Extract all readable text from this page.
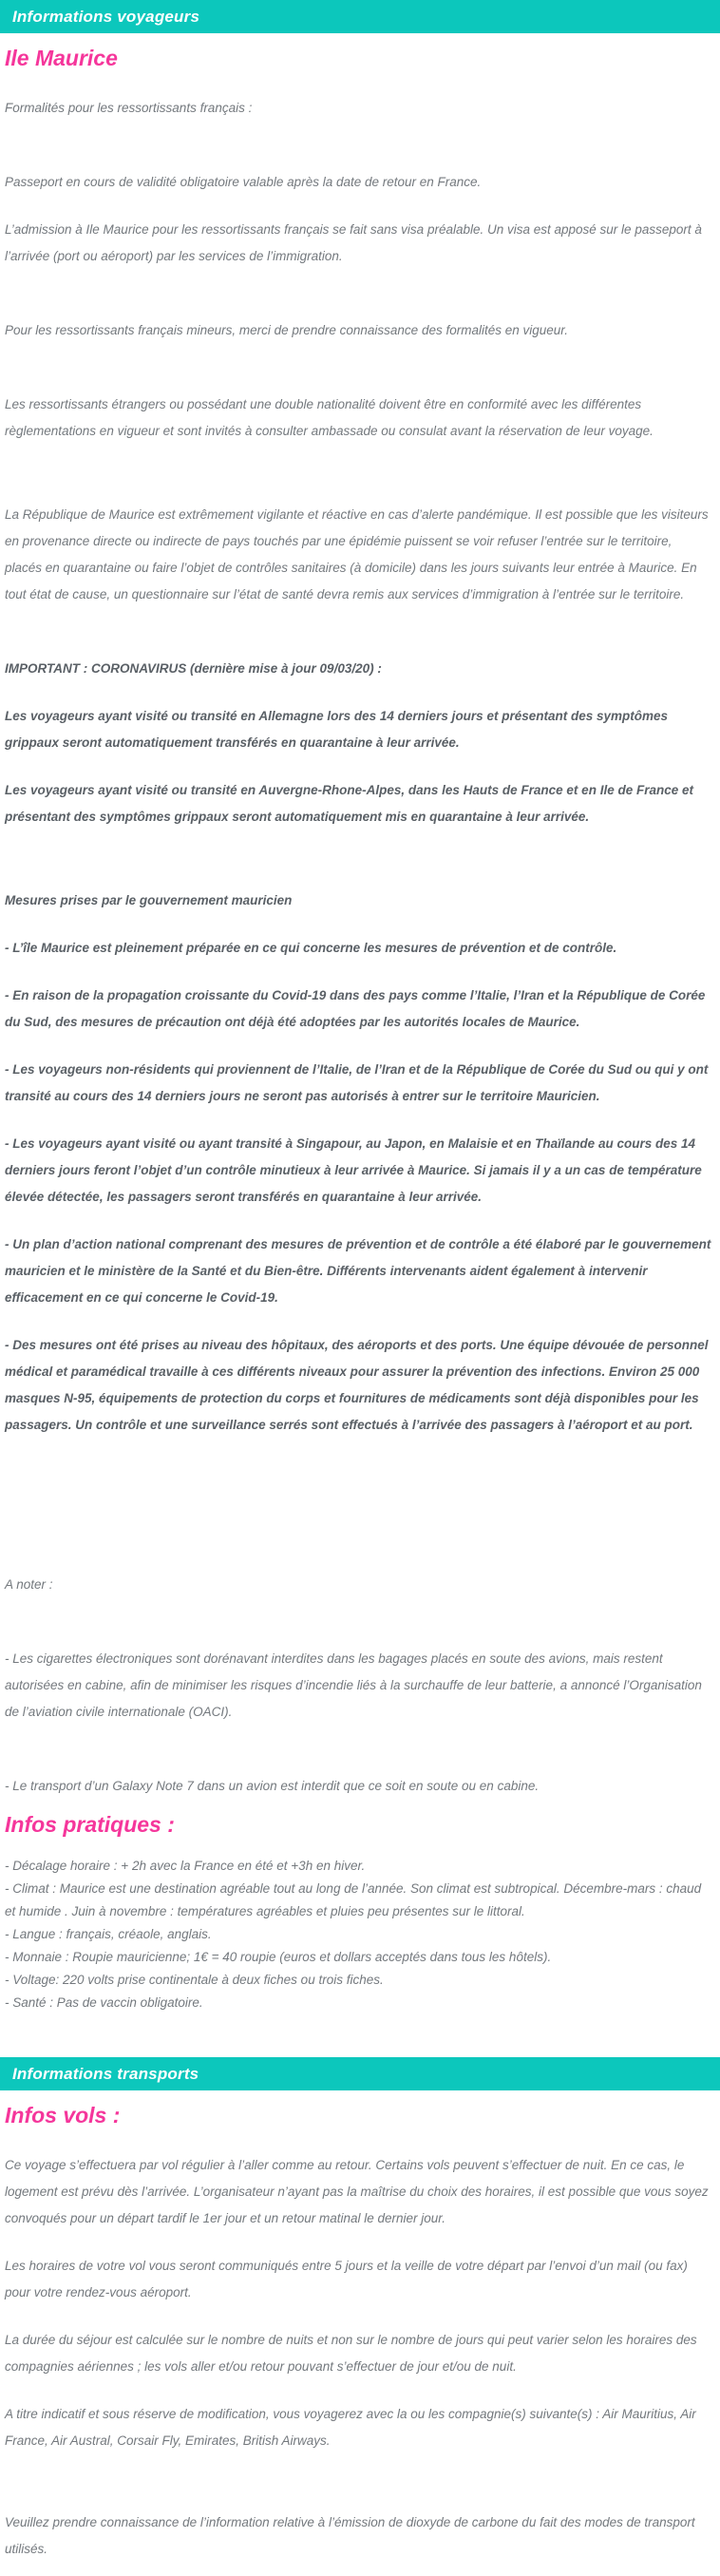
Informations voyageurs
Ile Maurice

Formalités pour les ressortissants français :

Passeport en cours de validité obligatoire valable après la date de retour en France.

L’admission à Ile Maurice pour les ressortissants français se fait sans visa préalable. Un visa est apposé sur le passeport à l’arrivée (port ou aéroport) par les services de l’immigration.

Pour les ressortissants français mineurs, merci de prendre connaissance des formalités en vigueur.

Les ressortissants étrangers ou possédant une double nationalité doivent être en conformité avec les différentes règlementations en vigueur et sont invités à consulter ambassade ou consulat avant la réservation de leur voyage.

La République de Maurice est extrêmement vigilante et réactive en cas d’alerte pandémique. Il est possible que les visiteurs en provenance directe ou indirecte de pays touchés par une épidémie puissent se voir refuser l’entrée sur le territoire, placés en quarantaine ou faire l’objet de contrôles sanitaires (à domicile) dans les jours suivants leur entrée à Maurice. En tout état de cause, un questionnaire sur l’état de santé devra remis aux services d’immigration à l’entrée sur le territoire.

IMPORTANT : CORONAVIRUS (dernière mise à jour 09/03/20) :

Les voyageurs ayant visité ou transité en Allemagne lors des 14 derniers jours et présentant des symptômes grippaux seront automatiquement transférés en quarantaine à leur arrivée.

Les voyageurs ayant visité ou transité en Auvergne-Rhone-Alpes, dans les Hauts de France et en Ile de France et présentant des symptômes grippaux seront automatiquement mis en quarantaine à leur arrivée.

Mesures prises par le gouvernement mauricien

- L’île Maurice est pleinement préparée en ce qui concerne les mesures de prévention et de contrôle.

- En raison de la propagation croissante du Covid-19 dans des pays comme l’Italie, l’Iran et la République de Corée du Sud, des mesures de précaution ont déjà été adoptées par les autorités locales de Maurice.

- Les voyageurs non-résidents qui proviennent de l’Italie, de l’Iran et de la République de Corée du Sud ou qui y ont transité au cours des 14 derniers jours ne seront pas autorisés à entrer sur le territoire Mauricien.

- Les voyageurs ayant visité ou ayant transité à Singapour, au Japon, en Malaisie et en Thaïlande au cours des 14 derniers jours feront l’objet d’un contrôle minutieux à leur arrivée à Maurice. Si jamais il y a un cas de température élevée détectée, les passagers seront transférés en quarantaine à leur arrivée.

- Un plan d’action national comprenant des mesures de prévention et de contrôle a été élaboré par le gouvernement mauricien et le ministère de la Santé et du Bien-être. Différents intervenants aident également à intervenir efficacement en ce qui concerne le Covid-19.

- Des mesures ont été prises au niveau des hôpitaux, des aéroports et des ports. Une équipe dévouée de personnel médical et paramédical travaille à ces différents niveaux pour assurer la prévention des infections. Environ 25 000 masques N-95, équipements de protection du corps et fournitures de médicaments sont déjà disponibles pour les passagers. Un contrôle et une surveillance serrés sont effectués à l’arrivée des passagers à l’aéroport et au port.

A noter :

- Les cigarettes électroniques sont dorénavant interdites dans les bagages placés en soute des avions, mais restent autorisées en cabine, afin de minimiser les risques d’incendie liés à la surchauffe de leur batterie, a annoncé l’Organisation de l’aviation civile internationale (OACI).

- Le transport d’un Galaxy Note 7 dans un avion est interdit que ce soit en soute ou en cabine.

Infos pratiques :

- Décalage horaire : + 2h avec la France en été et +3h en hiver.

- Climat : Maurice est une destination agréable tout au long de l’année. Son climat est subtropical. Décembre-mars : chaud et humide . Juin à novembre : températures agréables et pluies peu présentes sur le littoral.

- Langue : français, créaole, anglais.

- Monnaie : Roupie mauricienne; 1€ = 40 roupie (euros et dollars acceptés dans tous les hôtels).

- Voltage: 220 volts prise continentale à deux fiches ou trois fiches.

- Santé : Pas de vaccin obligatoire.

Informations transports
Infos vols :

Ce voyage s’effectuera par vol régulier à l’aller comme au retour. Certains vols peuvent s’effectuer de nuit. En ce cas, le logement est prévu dès l’arrivée. L’organisateur n’ayant pas la maîtrise du choix des horaires, il est possible que vous soyez convoqués pour un départ tardif le 1er jour et un retour matinal le dernier jour.

Les horaires de votre vol vous seront communiqués entre 5 jours et la veille de votre départ par l’envoi d’un mail (ou fax) pour votre rendez-vous aéroport.

La durée du séjour est calculée sur le nombre de nuits et non sur le nombre de jours qui peut varier selon les horaires des compagnies aériennes ; les vols aller et/ou retour pouvant s’effectuer de jour et/ou de nuit.

A titre indicatif et sous réserve de modification, vous voyagerez avec la ou les compagnie(s) suivante(s) : Air Mauritius, Air France, Air Austral, Corsair Fly, Emirates, British Airways.

Veuillez prendre connaissance de l’information relative à l’émission de dioxyde de carbone du fait des modes de transport utilisés.
